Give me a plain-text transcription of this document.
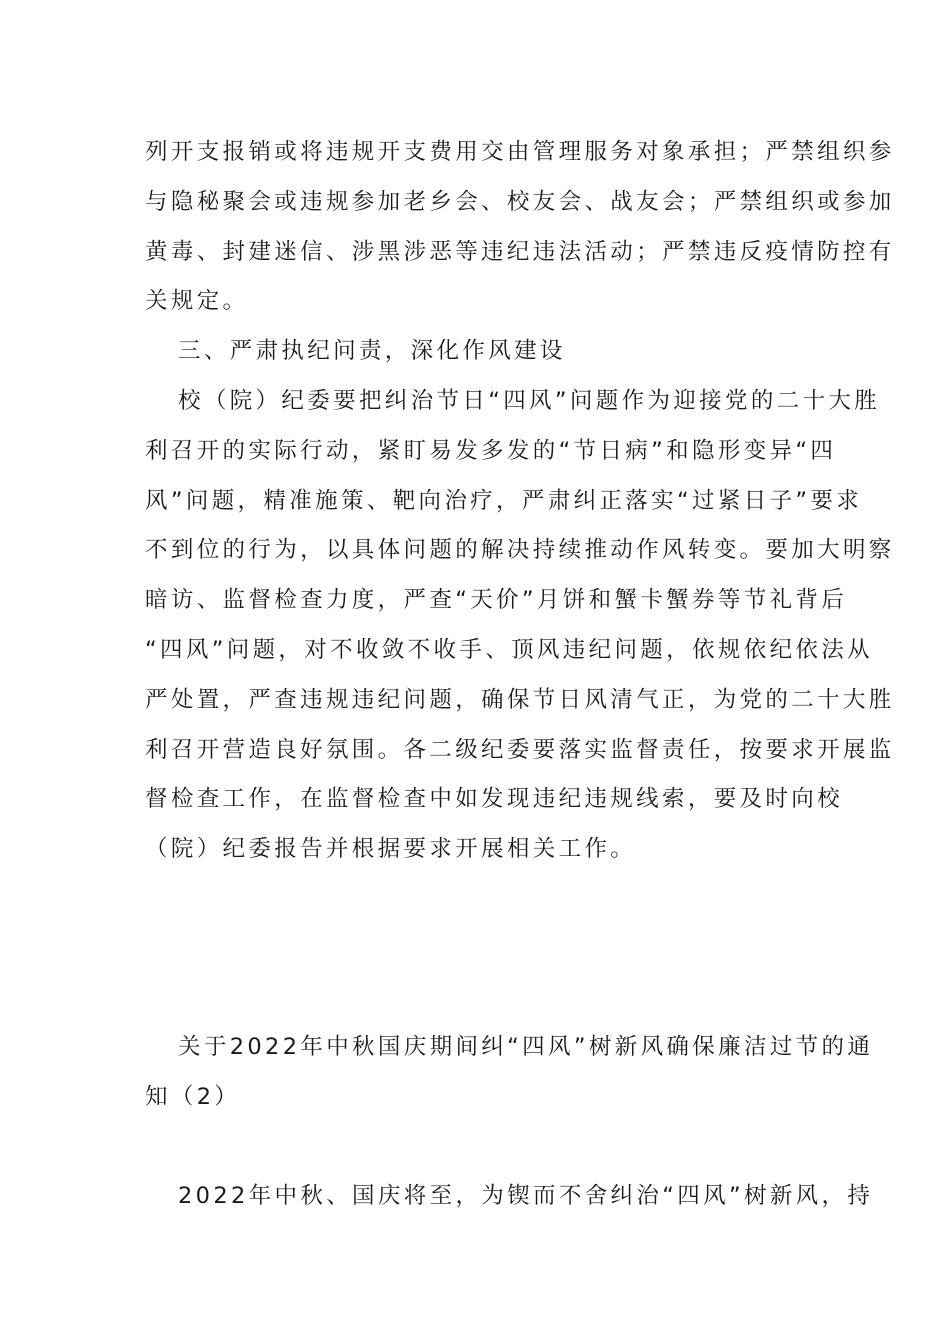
列开支报销或将违规开支费用交由管理服务对象承担；严禁组织参
与隐秘聚会或违规参加老乡会、校友会、战友会；严禁组织或参加
黄毒、封建迷信、涉黑涉恶等违纪违法活动；严禁违反疫情防控有
关规定。
三、严肃执纪问责，深化作风建设
校（院）纪委要把纠治节日“四风”问题作为迎接党的二十大胜
利召开的实际行动，紧盯易发多发的“节日病”和隐形变异“四
风”问题，精准施策、靶向治疗，严肃纠正落实“过紧日子”要求
不到位的行为，以具体问题的解决持续推动作风转变。要加大明察
暗访、监督检查力度，严查“天价”月饼和蟹卡蟹券等节礼背后
“四风”问题，对不收敛不收手、顶风违纪问题，依规依纪依法从
严处置，严查违规违纪问题，确保节日风清气正，为党的二十大胜
利召开营造良好氛围。各二级纪委要落实监督责任，按要求开展监
督检查工作，在监督检查中如发现违纪违规线索，要及时向校
（院）纪委报告并根据要求开展相关工作。
关于2022年中秋国庆期间纠“四风”树新风确保廉洁过节的通
知（2）
2022年中秋、国庆将至，为锲而不舍纠治“四风”树新风，持
